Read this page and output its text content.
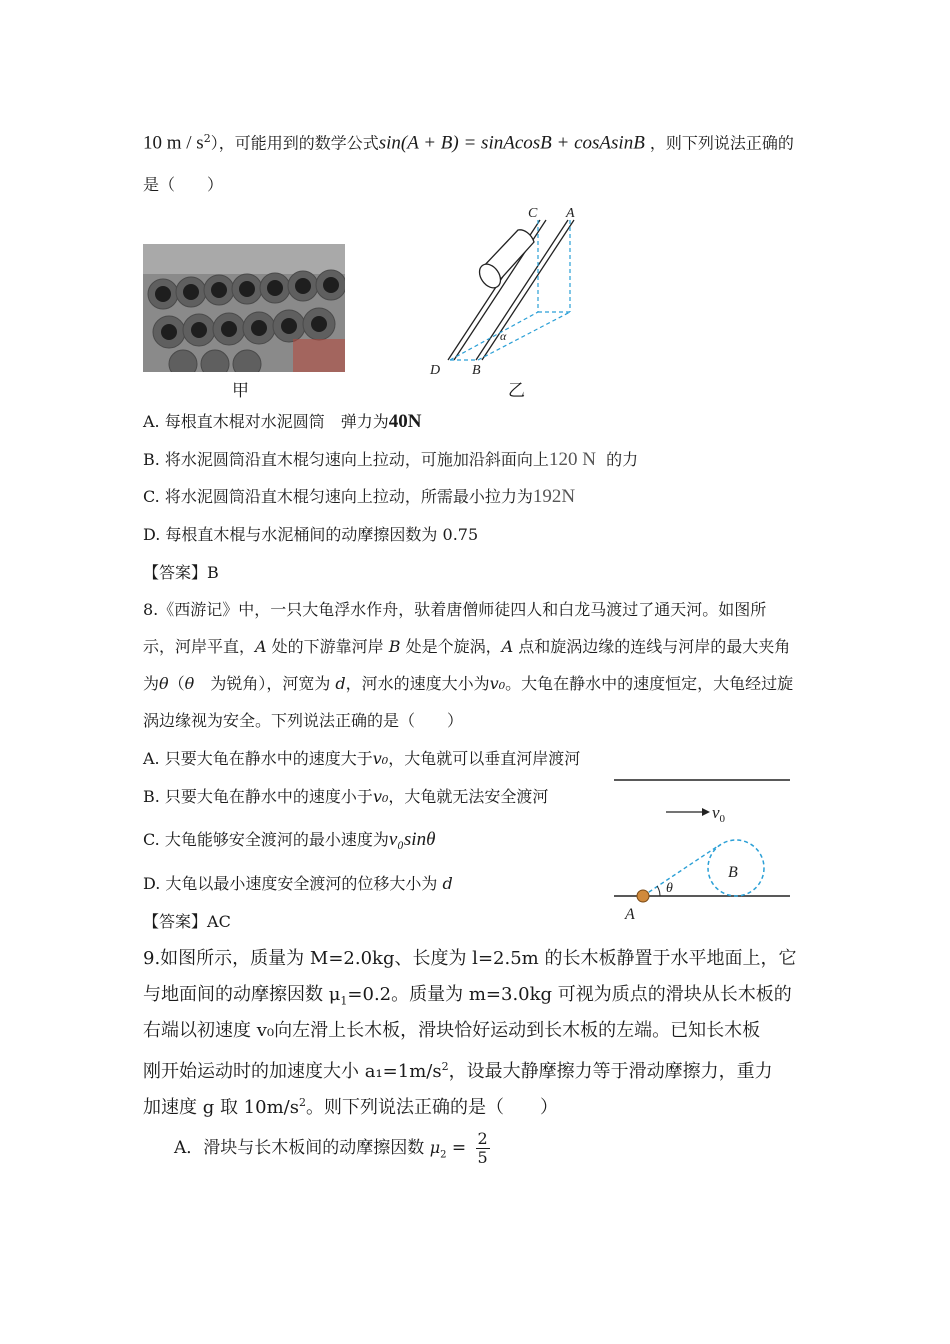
10 m / $s^2$），可能用到的数学公式sin(A + B) = sinAcosB + cosAsinB ，则下列说法正确的
是（　　）
甲
α
C A
D B
乙
A. 每根直木棍对水泥圆筒　弹力为40N
B. 将水泥圆筒沿直木棍匀速向上拉动，可施加沿斜面向上120 N 的力
C. 将水泥圆筒沿直木棍匀速向上拉动，所需最小拉力为192N
D. 每根直木棍与水泥桶间的动摩擦因数为 0.75
【答案】B
8.《西游记》中，一只大龟浮水作舟，驮着唐僧师徒四人和白龙马渡过了通天河。如图所
示，河岸平直，A 处的下游靠河岸 B 处是个旋涡，A 点和旋涡边缘的连线与河岸的最大夹角
为θ（θ　为锐角），河宽为 d，河水的速度大小为v₀。大龟在静水中的速度恒定，大龟经过旋
涡边缘视为安全。下列说法正确的是（　　）
A. 只要大龟在静水中的速度大于v₀，大龟就可以垂直河岸渡河
B. 只要大龟在静水中的速度小于v₀，大龟就无法安全渡河
C. 大龟能够安全渡河的最小速度为v₀sinθ
D. 大龟以最小速度安全渡河的位移大小为 d
【答案】AC
$v_0$
θ
B
A
9.如图所示，质量为 M=2.0kg、长度为 l=2.5m 的长木板静置于水平地面上，它
与地面间的动摩擦因数 $\mu_1=0.2$。质量为 m=3.0kg 可视为质点的滑块从长木板的
右端以初速度 v₀向左滑上长木板，滑块恰好运动到长木板的左端。已知长木板
刚开始运动时的加速度大小 $a_1=1m/s^2$，设最大静摩擦力等于滑动摩擦力，重力
加速度 g 取 $10m/s^2$。则下列说法正确的是（　　）
A．滑块与长木板间的动摩擦因数 $\mu_2 = \frac{2}{5}$
